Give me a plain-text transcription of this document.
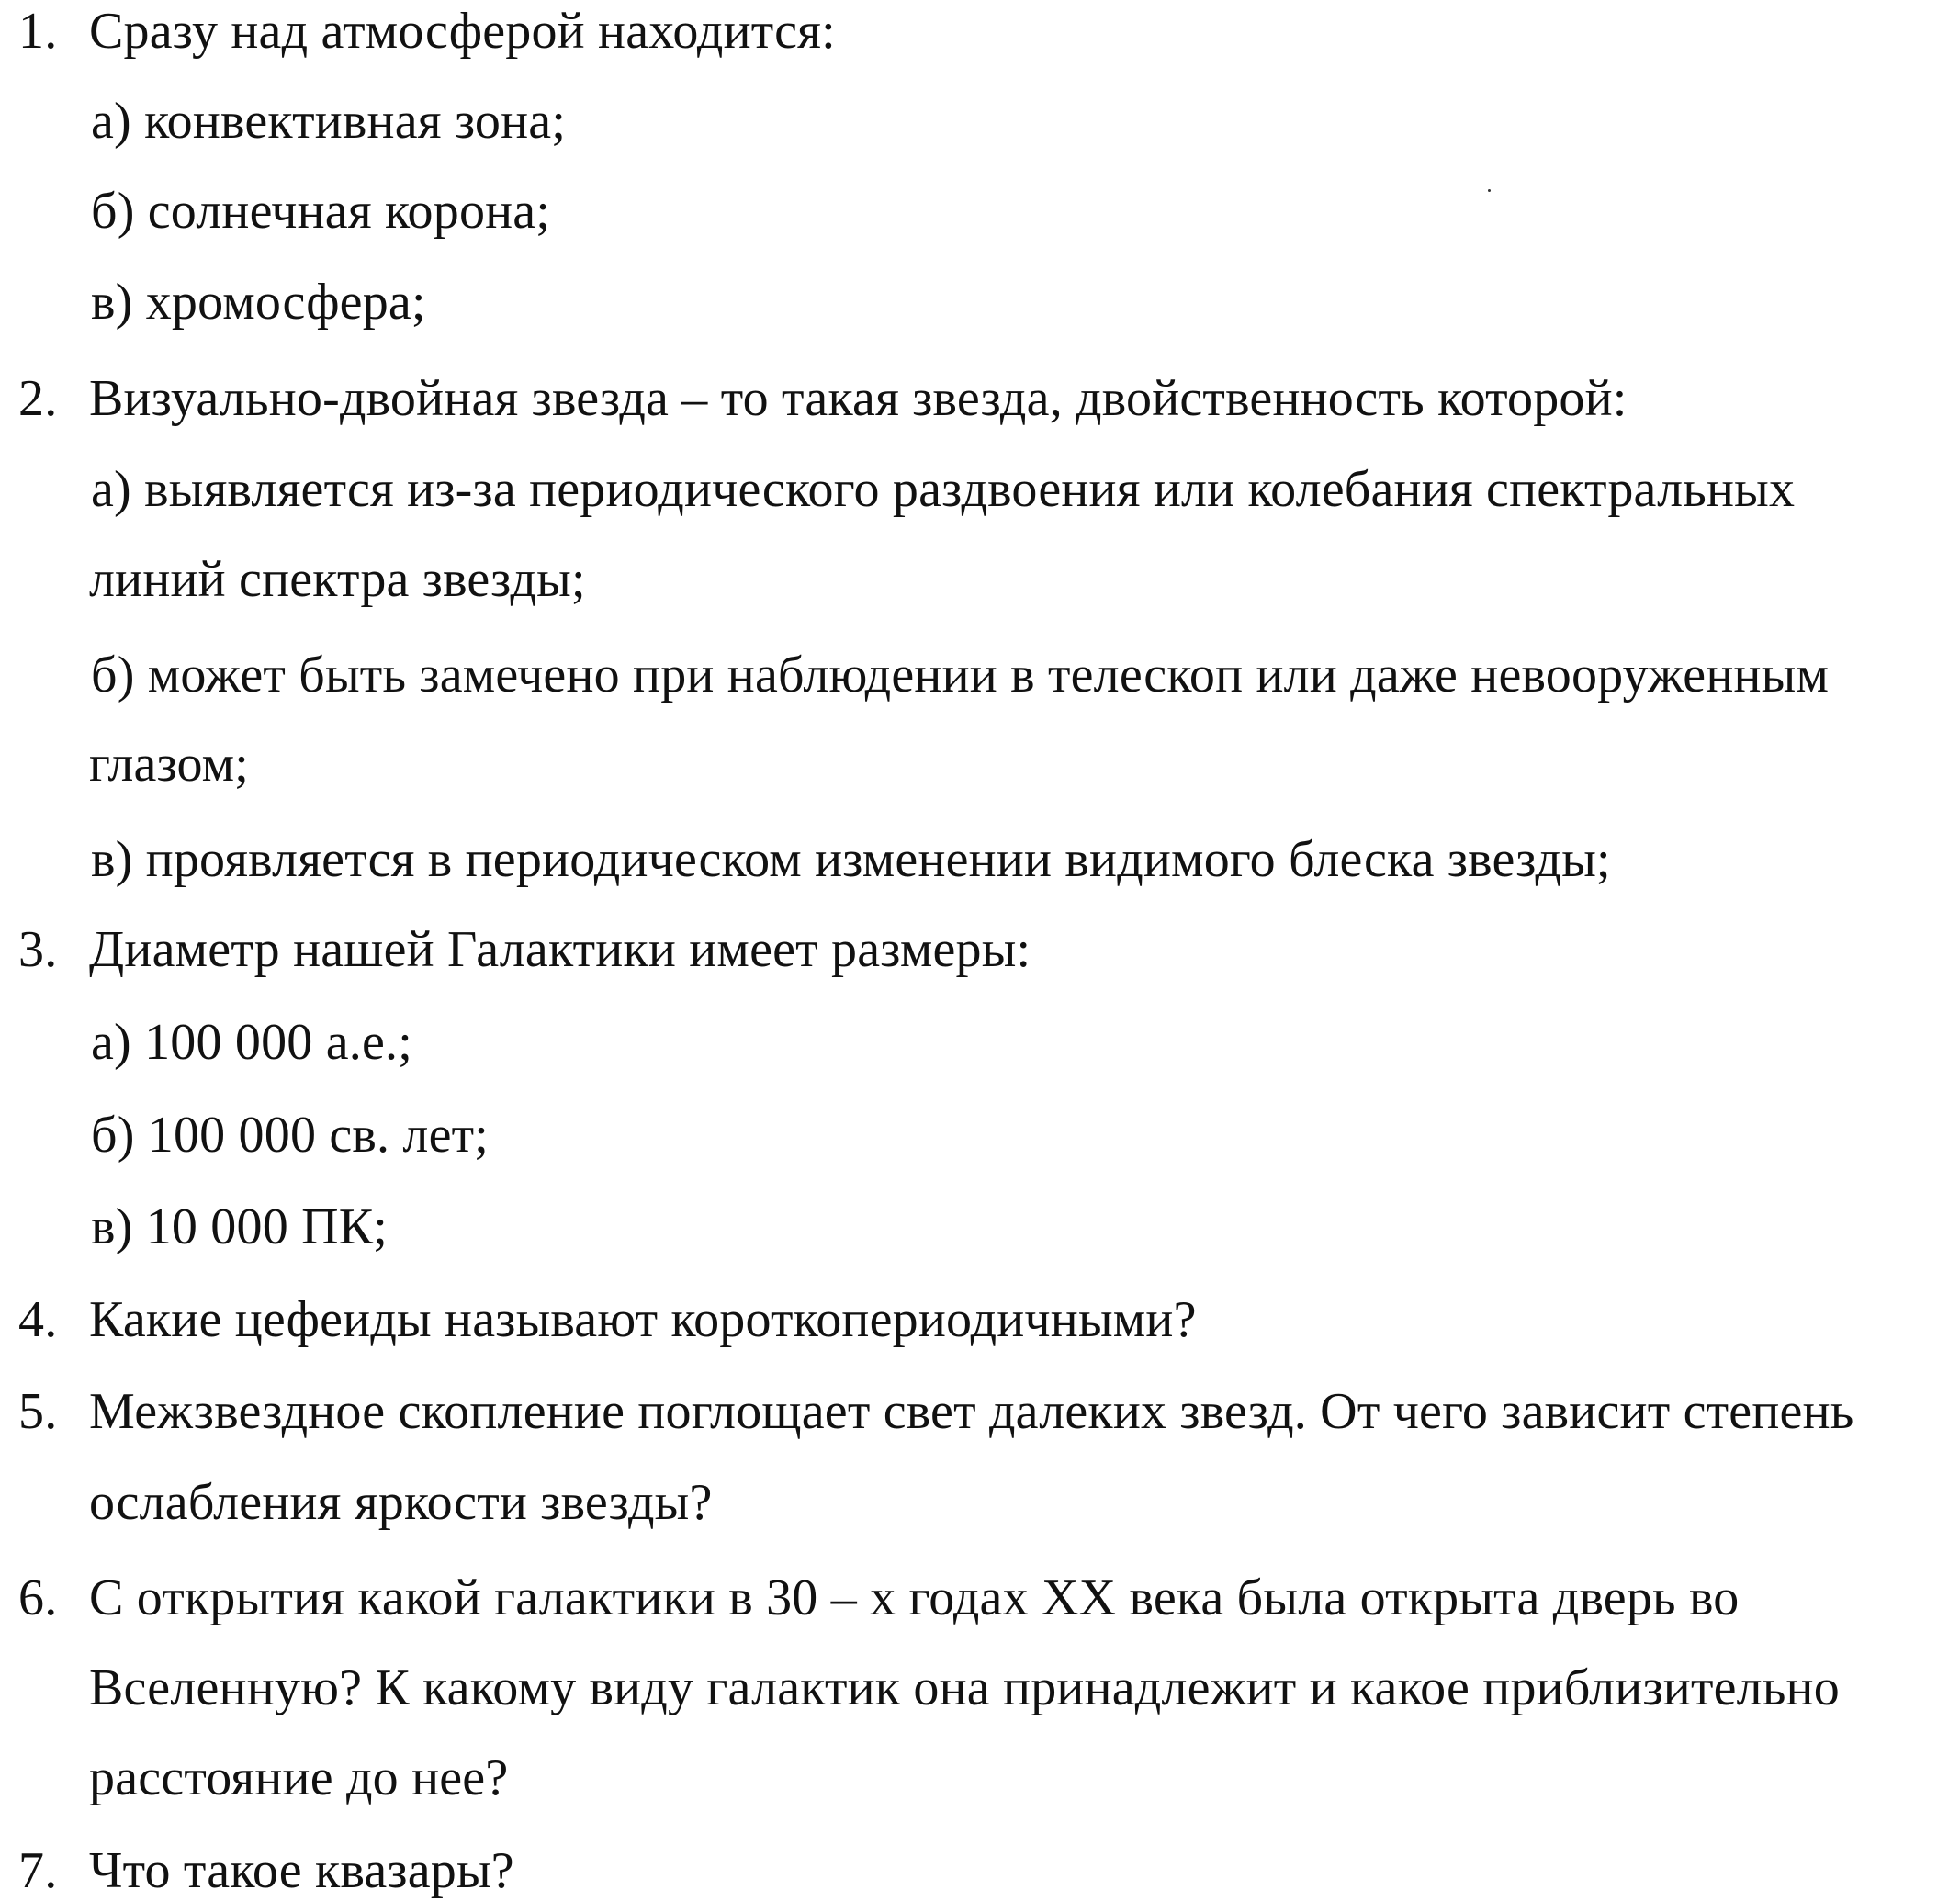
1. Сразу над атмосферой находится:
а) конвективная зона;
б) солнечная корона;
в) хромосфера;
2. Визуально-двойная звезда – то такая звезда, двойственность которой:
а) выявляется из-за периодического раздвоения или колебания спектральных
линий спектра звезды;
б) может быть замечено при наблюдении в телескоп или даже невооруженным
глазом;
в) проявляется в периодическом изменении видимого блеска звезды;
3. Диаметр нашей Галактики имеет размеры:
а) 100 000 а.е.;
б) 100 000 св. лет;
в) 10 000 ПК;
4. Какие цефеиды называют короткопериодичными?
5. Межзвездное скопление поглощает свет далеких звезд. От чего зависит степень
ослабления яркости звезды?
6. С открытия какой галактики в 30 – х годах XX века была открыта дверь во
Вселенную? К какому виду галактик она принадлежит и какое приблизительно
расстояние до нее?
7. Что такое квазары?
